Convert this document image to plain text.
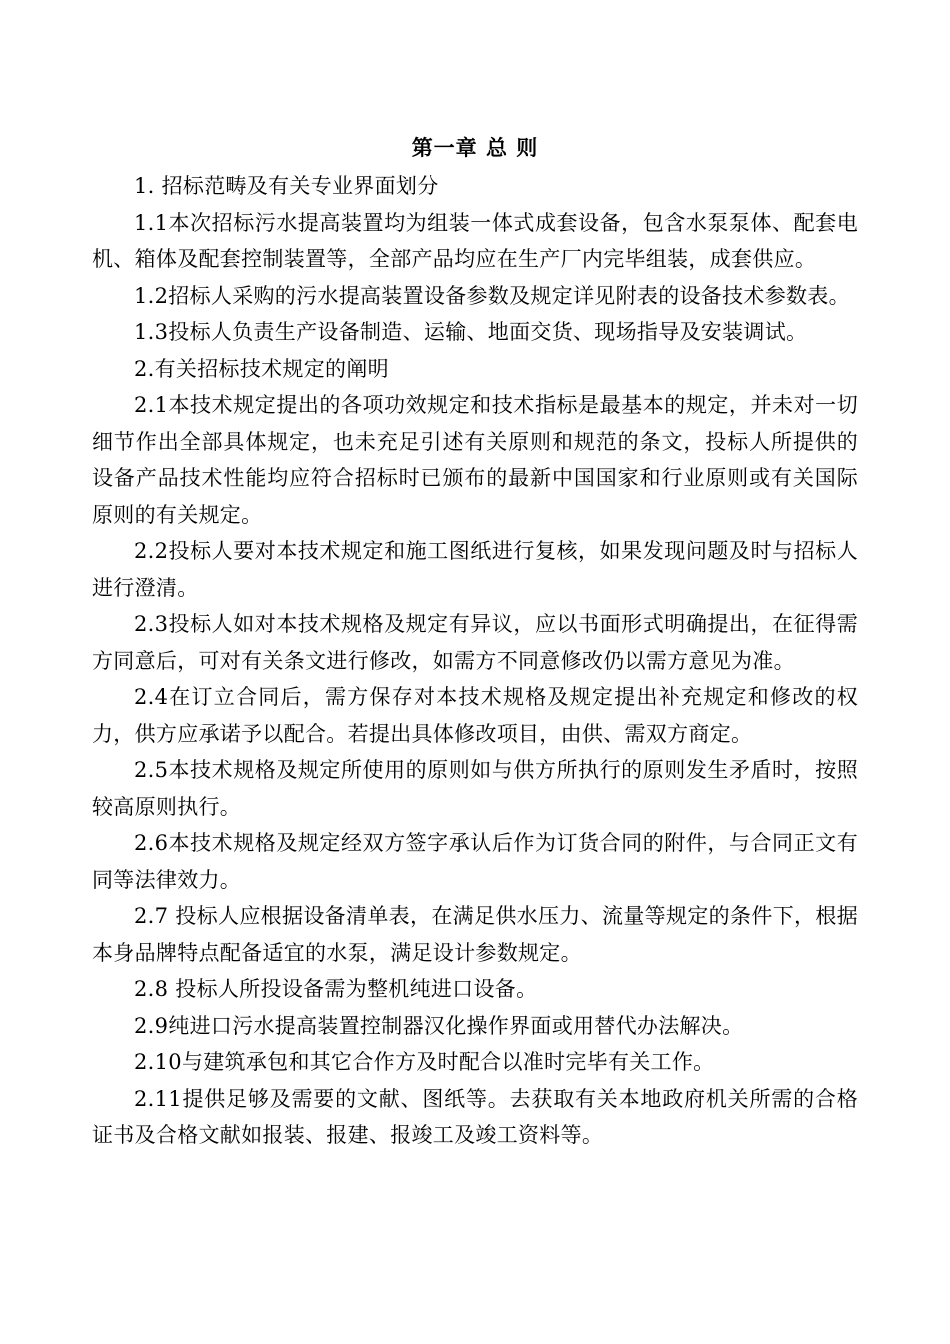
第一章 总 则

1. 招标范畴及有关专业界面划分

1.1本次招标污水提高装置均为组装一体式成套设备，包含水泵泵体、配套电机、箱体及配套控制装置等，全部产品均应在生产厂内完毕组装，成套供应。

1.2招标人采购的污水提高装置设备参数及规定详见附表的设备技术参数表。

1.3投标人负责生产设备制造、运输、地面交货、现场指导及安装调试。

2.有关招标技术规定的阐明

2.1本技术规定提出的各项功效规定和技术指标是最基本的规定，并未对一切细节作出全部具体规定，也未充足引述有关原则和规范的条文，投标人所提供的设备产品技术性能均应符合招标时已颁布的最新中国国家和行业原则或有关国际原则的有关规定。

2.2投标人要对本技术规定和施工图纸进行复核，如果发现问题及时与招标人进行澄清。

2.3投标人如对本技术规格及规定有异议，应以书面形式明确提出，在征得需方同意后，可对有关条文进行修改，如需方不同意修改仍以需方意见为准。

2.4在订立合同后，需方保存对本技术规格及规定提出补充规定和修改的权力，供方应承诺予以配合。若提出具体修改项目，由供、需双方商定。

2.5本技术规格及规定所使用的原则如与供方所执行的原则发生矛盾时，按照较高原则执行。

2.6本技术规格及规定经双方签字承认后作为订货合同的附件，与合同正文有同等法律效力。

2.7 投标人应根据设备清单表，在满足供水压力、流量等规定的条件下，根据本身品牌特点配备适宜的水泵，满足设计参数规定。

2.8 投标人所投设备需为整机纯进口设备。

2.9纯进口污水提高装置控制器汉化操作界面或用替代办法解决。

2.10与建筑承包和其它合作方及时配合以准时完毕有关工作。

2.11提供足够及需要的文献、图纸等。去获取有关本地政府机关所需的合格证书及合格文献如报装、报建、报竣工及竣工资料等。
